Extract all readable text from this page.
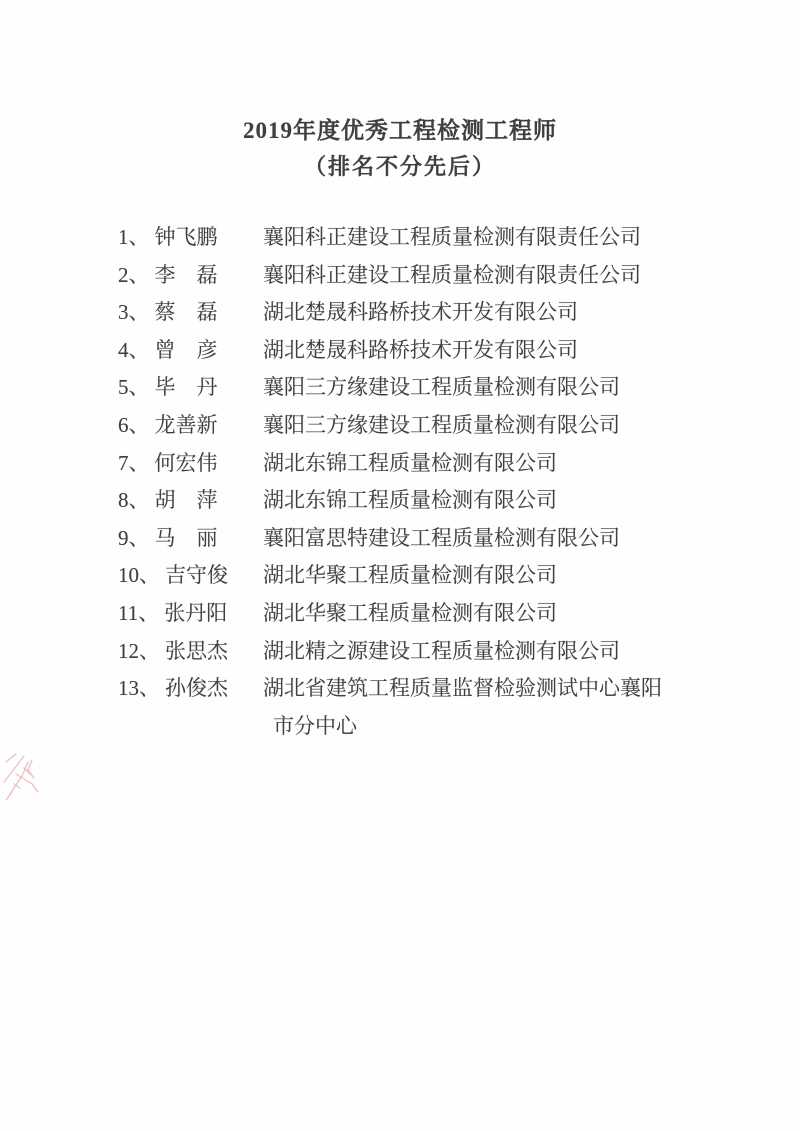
2019年度优秀工程检测工程师
（排名不分先后）
1、 钟飞鹏	襄阳科正建设工程质量检测有限责任公司
2、 李　磊	襄阳科正建设工程质量检测有限责任公司
3、 蔡　磊	湖北楚晟科路桥技术开发有限公司
4、 曾　彦	湖北楚晟科路桥技术开发有限公司
5、 毕　丹	襄阳三方缘建设工程质量检测有限公司
6、 龙善新	襄阳三方缘建设工程质量检测有限公司
7、 何宏伟	湖北东锦工程质量检测有限公司
8、 胡　萍	湖北东锦工程质量检测有限公司
9、 马　丽	襄阳富思特建设工程质量检测有限公司
10、 吉守俊	湖北华聚工程质量检测有限公司
11、 张丹阳	湖北华聚工程质量检测有限公司
12、 张思杰	湖北精之源建设工程质量检测有限公司
13、 孙俊杰	湖北省建筑工程质量监督检验测试中心襄阳市分中心
